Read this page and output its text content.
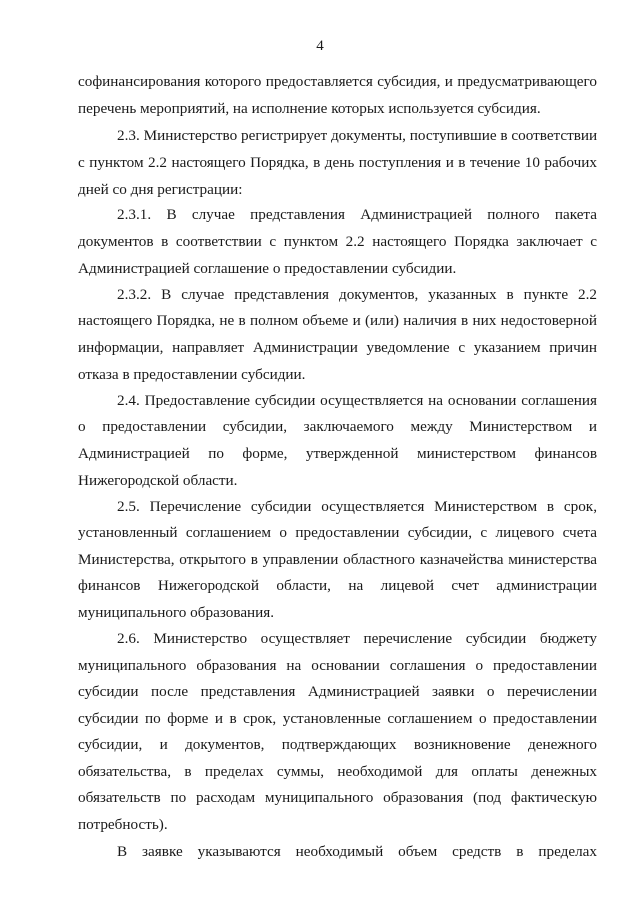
4
софинансирования которого предоставляется субсидия, и предусматривающего
перечень мероприятий, на исполнение которых используется субсидия.
2.3. Министерство регистрирует документы, поступившие в соответствии
с пунктом 2.2 настоящего Порядка, в день поступления и в течение 10 рабочих
дней со дня регистрации:
2.3.1. В случае представления Администрацией полного пакета
документов в соответствии с пунктом 2.2 настоящего Порядка заключает с
Администрацией соглашение о предоставлении субсидии.
2.3.2. В случае представления документов, указанных в пункте 2.2
настоящего Порядка, не в полном объеме и (или) наличия в них недостоверной
информации, направляет Администрации уведомление с указанием причин
отказа в предоставлении субсидии.
2.4. Предоставление субсидии осуществляется на основании соглашения
о предоставлении субсидии, заключаемого между Министерством и
Администрацией по форме, утвержденной министерством финансов
Нижегородской области.
2.5. Перечисление субсидии осуществляется Министерством в срок,
установленный соглашением о предоставлении субсидии, с лицевого счета
Министерства, открытого в управлении областного казначейства министерства
финансов Нижегородской области, на лицевой счет администрации
муниципального образования.
2.6. Министерство осуществляет перечисление субсидии бюджету
муниципального образования на основании соглашения о предоставлении
субсидии после представления Администрацией заявки о перечислении
субсидии по форме и в срок, установленные соглашением о предоставлении
субсидии, и документов, подтверждающих возникновение денежного
обязательства, в пределах суммы, необходимой для оплаты денежных
обязательств по расходам муниципального образования (под фактическую
потребность).
В заявке указываются необходимый объем средств в пределах
